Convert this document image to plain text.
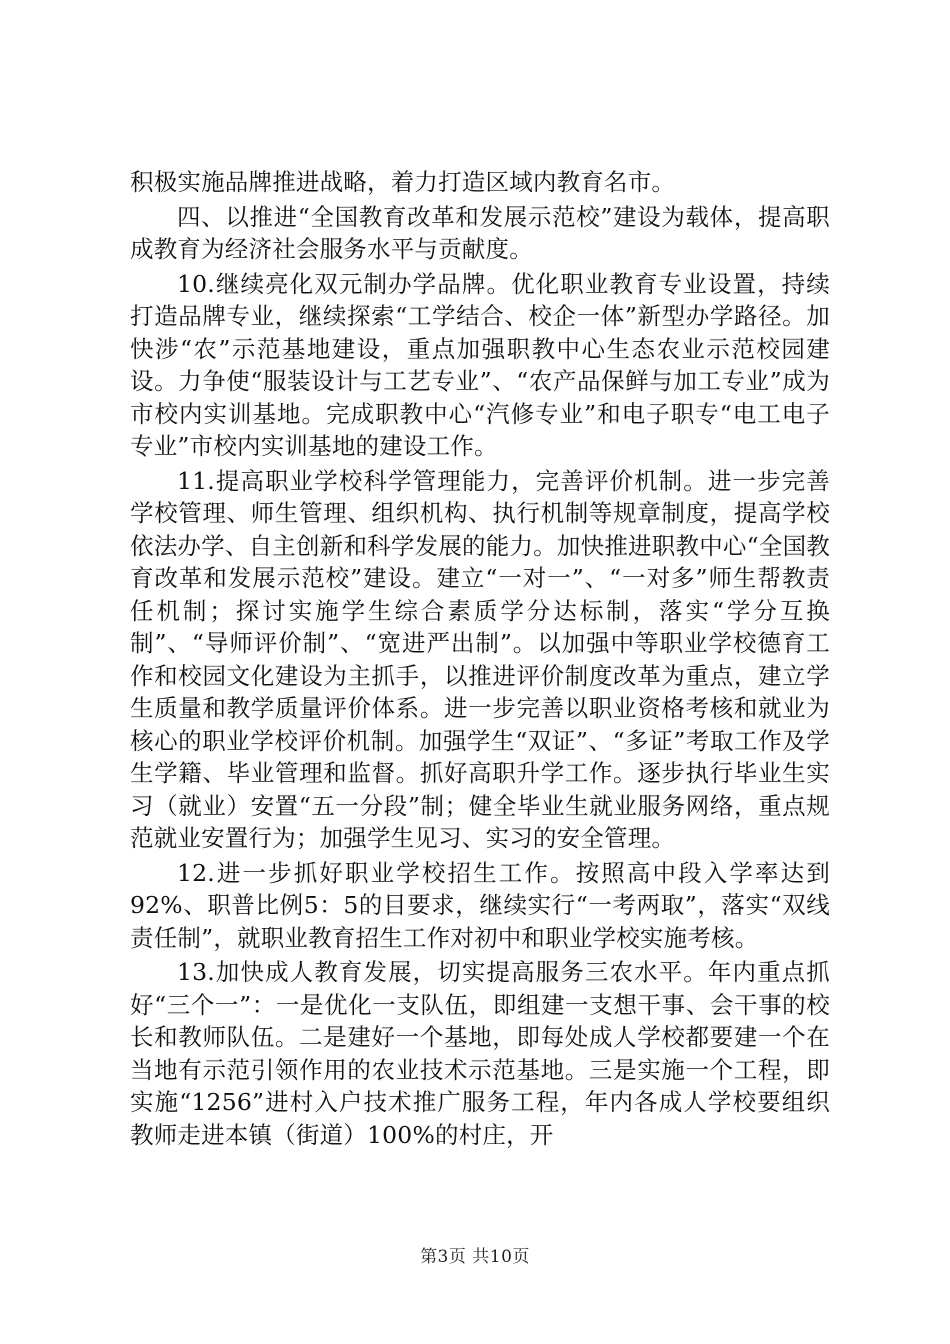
积极实施品牌推进战略，着力打造区域内教育名市。

四、以推进“全国教育改革和发展示范校”建设为载体，提高职成教育为经济社会服务水平与贡献度。

10.继续亮化双元制办学品牌。优化职业教育专业设置，持续打造品牌专业，继续探索“工学结合、校企一体”新型办学路径。加快涉“农”示范基地建设，重点加强职教中心生态农业示范校园建设。力争使“服装设计与工艺专业”、“农产品保鲜与加工专业”成为市校内实训基地。完成职教中心“汽修专业”和电子职专“电工电子专业”市校内实训基地的建设工作。

11.提高职业学校科学管理能力，完善评价机制。进一步完善学校管理、师生管理、组织机构、执行机制等规章制度，提高学校依法办学、自主创新和科学发展的能力。加快推进职教中心“全国教育改革和发展示范校”建设。建立“一对一”、“一对多”师生帮教责任机制；探讨实施学生综合素质学分达标制，落实“学分互换制”、“导师评价制”、“宽进严出制”。以加强中等职业学校德育工作和校园文化建设为主抓手，以推进评价制度改革为重点，建立学生质量和教学质量评价体系。进一步完善以职业资格考核和就业为核心的职业学校评价机制。加强学生“双证”、“多证”考取工作及学生学籍、毕业管理和监督。抓好高职升学工作。逐步执行毕业生实习（就业）安置“五一分段”制；健全毕业生就业服务网络，重点规范就业安置行为；加强学生见习、实习的安全管理。

12.进一步抓好职业学校招生工作。按照高中段入学率达到92%、职普比例5：5的目要求，继续实行“一考两取”，落实“双线责任制”，就职业教育招生工作对初中和职业学校实施考核。

13.加快成人教育发展，切实提高服务三农水平。年内重点抓好“三个一”：一是优化一支队伍，即组建一支想干事、会干事的校长和教师队伍。二是建好一个基地，即每处成人学校都要建一个在当地有示范引领作用的农业技术示范基地。三是实施一个工程，即实施“1256”进村入户技术推广服务工程，年内各成人学校要组织教师走进本镇（街道）100%的村庄，开

第3页 共10页
